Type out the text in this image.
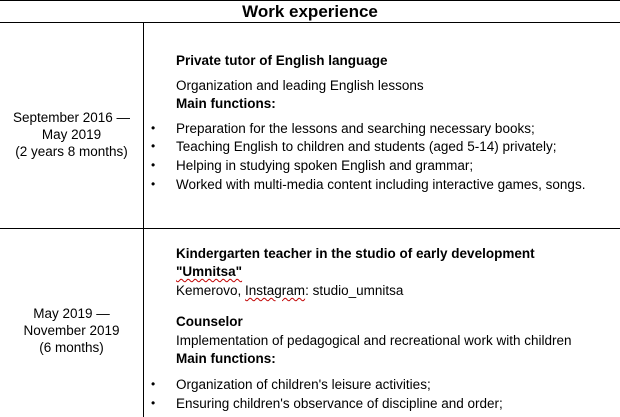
Work experience
September 2016 —
May 2019
(2 years 8 months)
Private tutor of English language
Organization and leading English lessons
Main functions:
• Preparation for the lessons and searching necessary books;
• Teaching English to children and students (aged 5-14) privately;
• Helping in studying spoken English and grammar;
• Worked with multi-media content including interactive games, songs.
May 2019 —
November 2019
(6 months)
Kindergarten teacher in the studio of early development
"Umnitsa"
Kemerovo, Instagram: studio_umnitsa
Counselor
Implementation of pedagogical and recreational work with children
Main functions:
• Organization of children's leisure activities;
• Ensuring children's observance of discipline and order;
